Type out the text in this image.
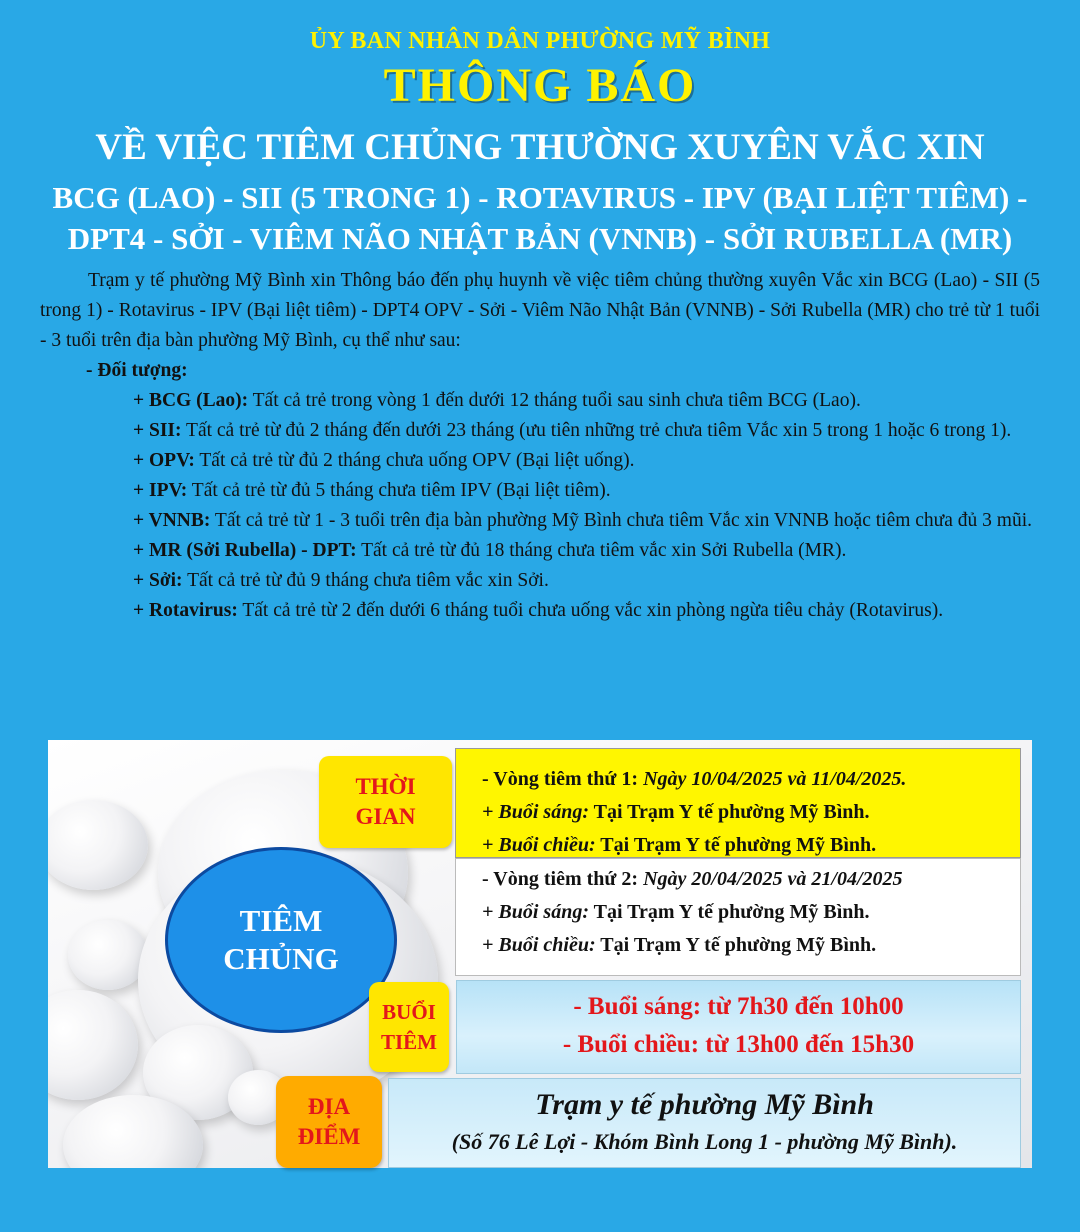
ỦY BAN NHÂN DÂN PHƯỜNG MỸ BÌNH
THÔNG BÁO
VỀ VIỆC TIÊM CHỦNG THƯỜNG XUYÊN VẮC XIN
BCG (LAO) - SII (5 TRONG 1) - ROTAVIRUS - IPV (BẠI LIỆT TIÊM) -
DPT4 - SỞI - VIÊM NÃO NHẬT BẢN (VNNB) - SỞI RUBELLA (MR)

Trạm y tế phường Mỹ Bình xin Thông báo đến phụ huynh về việc tiêm chủng thường xuyên Vắc xin BCG (Lao) - SII (5 trong 1) - Rotavirus - IPV (Bại liệt tiêm) - DPT4 OPV - Sởi - Viêm Não Nhật Bản (VNNB) - Sởi Rubella (MR) cho trẻ từ 1 tuổi - 3 tuổi trên địa bàn phường Mỹ Bình, cụ thể như sau:

- Đối tượng:

+ BCG (Lao): Tất cả trẻ trong vòng 1 đến dưới 12 tháng tuổi sau sinh chưa tiêm BCG (Lao).

+ SII: Tất cả trẻ từ đủ 2 tháng đến dưới 23 tháng (ưu tiên những trẻ chưa tiêm Vắc xin 5 trong 1 hoặc 6 trong 1).

+ OPV: Tất cả trẻ từ đủ 2 tháng chưa uống OPV (Bại liệt uống).

+ IPV: Tất cả trẻ từ đủ 5 tháng chưa tiêm IPV (Bại liệt tiêm).

+ VNNB: Tất cả trẻ từ 1 - 3 tuổi trên địa bàn phường Mỹ Bình chưa tiêm Vắc xin VNNB hoặc tiêm chưa đủ 3 mũi.

+ MR (Sởi Rubella) - DPT: Tất cả trẻ từ đủ 18 tháng chưa tiêm vắc xin Sởi Rubella (MR).

+ Sởi: Tất cả trẻ từ đủ 9 tháng chưa tiêm vắc xin Sởi.

+ Rotavirus: Tất cả trẻ từ 2 đến dưới 6 tháng tuổi chưa uống vắc xin phòng ngừa tiêu chảy (Rotavirus).

TIÊM
CHỦNG
THỜI
GIAN

- Vòng tiêm thứ 1: Ngày 10/04/2025 và 11/04/2025.

+ Buổi sáng: Tại Trạm Y tế phường Mỹ Bình.

+ Buổi chiều: Tại Trạm Y tế phường Mỹ Bình.

- Vòng tiêm thứ 2: Ngày 20/04/2025 và 21/04/2025

+ Buổi sáng: Tại Trạm Y tế phường Mỹ Bình.

+ Buổi chiều: Tại Trạm Y tế phường Mỹ Bình.

BUỔI
TIÊM
- Buổi sáng: từ 7h30 đến 10h00
- Buổi chiều: từ 13h00 đến 15h30
ĐỊA
ĐIỂM
Trạm y tế phường Mỹ Bình
(Số 76 Lê Lợi - Khóm Bình Long 1 - phường Mỹ Bình).
